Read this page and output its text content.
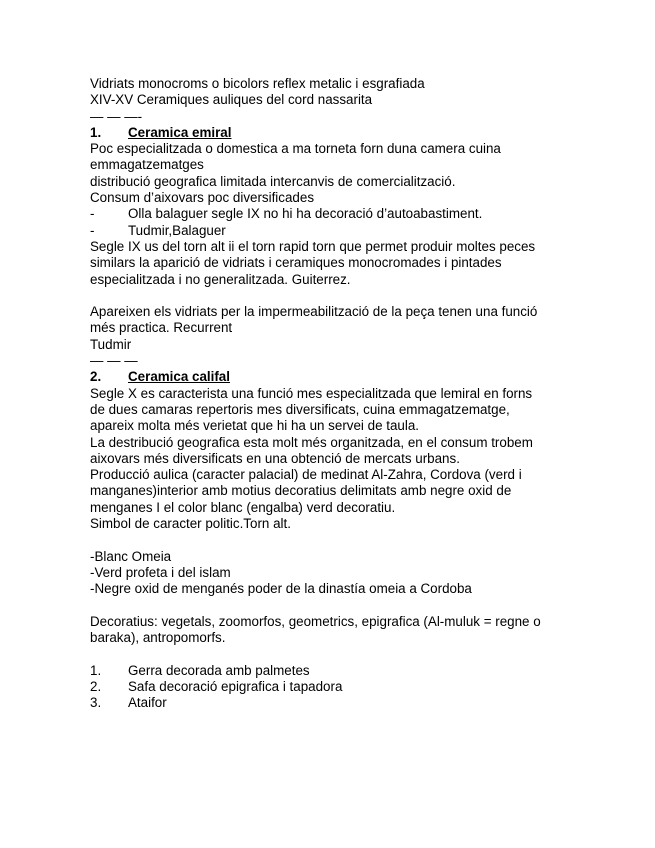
Vidriats monocroms o bicolors reflex metalic i esgrafiada
XIV-XV Ceramiques auliques del cord nassarita
— — —-
1.	Ceramica emiral
Poc especialitzada o domestica a ma torneta forn duna camera cuina
emmagatzematges
distribució geografica limitada intercanvis de comercialització.
Consum d’aixovars poc diversificades
-	Olla balaguer segle IX no hi ha decoració d’autoabastiment.
-	Tudmir,Balaguer
Segle IX us del torn alt ii el torn rapid torn que permet produir moltes peces
similars la aparició de vidriats i ceramiques monocromades i pintades
especialitzada i no generalitzada. Guiterrez.
Apareixen els vidriats per la impermeabilització de la peça tenen una funció
més practica. Recurrent
Tudmir
— — —
2.	Ceramica califal
Segle X es caracterista una funció mes especialitzada que lemiral en forns
de dues camaras repertoris mes diversificats, cuina emmagatzematge,
apareix molta més verietat que hi ha un servei de taula.
La destribució geografica esta molt més organitzada, en el consum trobem
aixovars més diversificats en una obtenció de mercats urbans.
Producció aulica (caracter palacial) de medinat Al-Zahra, Cordova (verd i
manganes)interior amb motius decoratius delimitats amb negre oxid de
menganes I el color blanc (engalba) verd decoratiu.
Simbol de caracter politic.Torn alt.
-Blanc Omeia
-Verd profeta i del islam
-Negre oxid de menganés poder de la dinastía omeia a Cordoba
Decoratius: vegetals, zoomorfos, geometrics, epigrafica (Al-muluk = regne o
baraka), antropomorfs.
1.	Gerra decorada amb palmetes
2.	Safa decoració epigrafica i tapadora
3.	Ataifor
